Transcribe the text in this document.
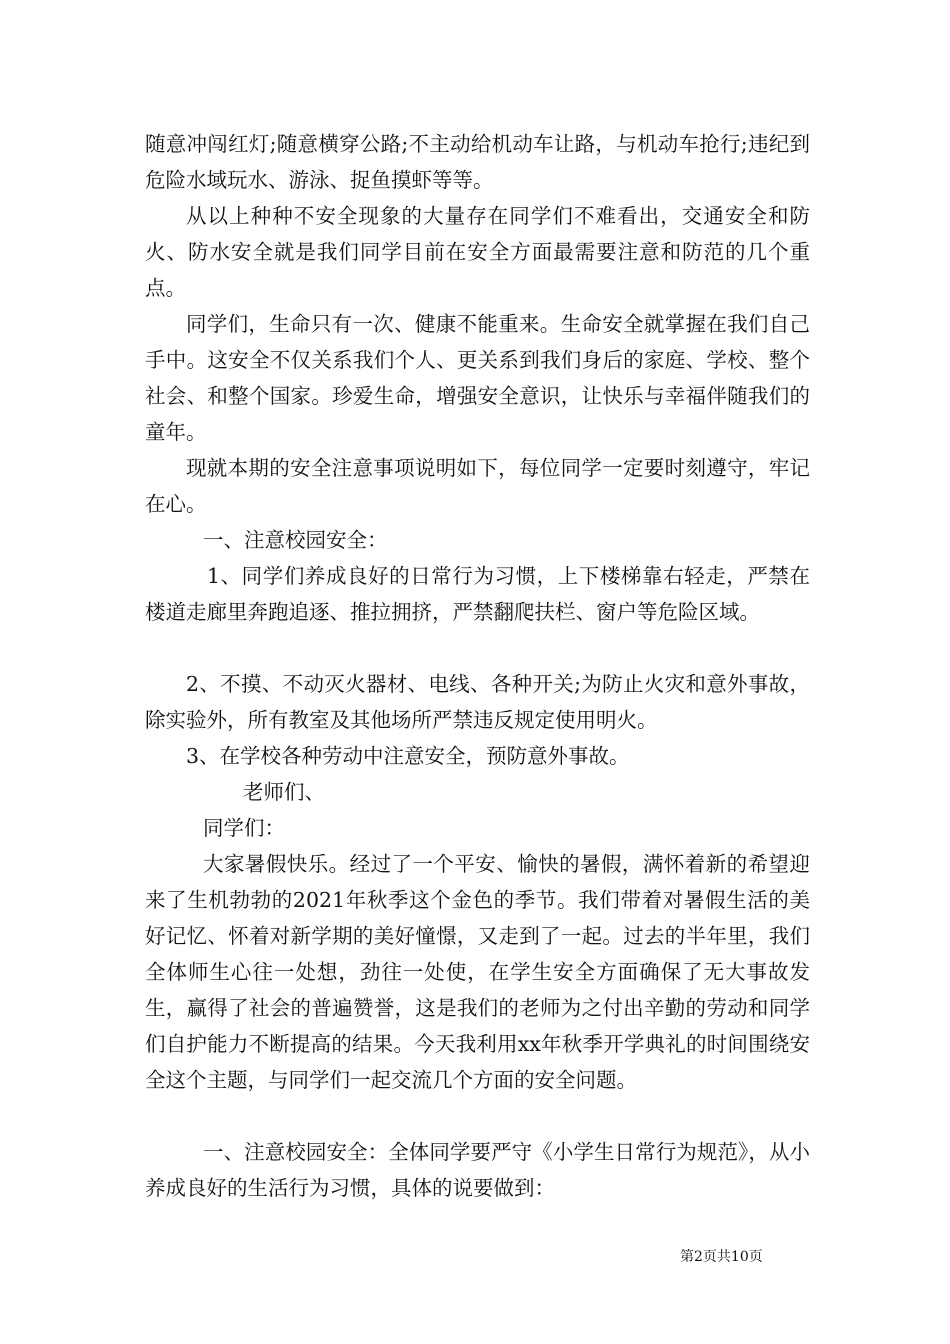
随意冲闯红灯;随意横穿公路;不主动给机动车让路，与机动车抢行;违纪到危险水域玩水、游泳、捉鱼摸虾等等。

从以上种种不安全现象的大量存在同学们不难看出，交通安全和防火、防水安全就是我们同学目前在安全方面最需要注意和防范的几个重点。

同学们，生命只有一次、健康不能重来。生命安全就掌握在我们自己手中。这安全不仅关系我们个人、更关系到我们身后的家庭、学校、整个社会、和整个国家。珍爱生命，增强安全意识，让快乐与幸福伴随我们的童年。

现就本期的安全注意事项说明如下，每位同学一定要时刻遵守，牢记在心。

一、注意校园安全：

1、同学们养成良好的日常行为习惯，上下楼梯靠右轻走，严禁在楼道走廊里奔跑追逐、推拉拥挤，严禁翻爬扶栏、窗户等危险区域。

2、不摸、不动灭火器材、电线、各种开关;为防止火灾和意外事故，除实验外，所有教室及其他场所严禁违反规定使用明火。

3、在学校各种劳动中注意安全，预防意外事故。

老师们、

同学们：

大家暑假快乐。经过了一个平安、愉快的暑假，满怀着新的希望迎来了生机勃勃的2021年秋季这个金色的季节。我们带着对暑假生活的美好记忆、怀着对新学期的美好憧憬，又走到了一起。过去的半年里，我们全体师生心往一处想，劲往一处使，在学生安全方面确保了无大事故发生，赢得了社会的普遍赞誉，这是我们的老师为之付出辛勤的劳动和同学们自护能力不断提高的结果。今天我利用xx年秋季开学典礼的时间围绕安全这个主题，与同学们一起交流几个方面的安全问题。

一、注意校园安全：全体同学要严守《小学生日常行为规范》，从小养成良好的生活行为习惯，具体的说要做到：

第2页共10页
